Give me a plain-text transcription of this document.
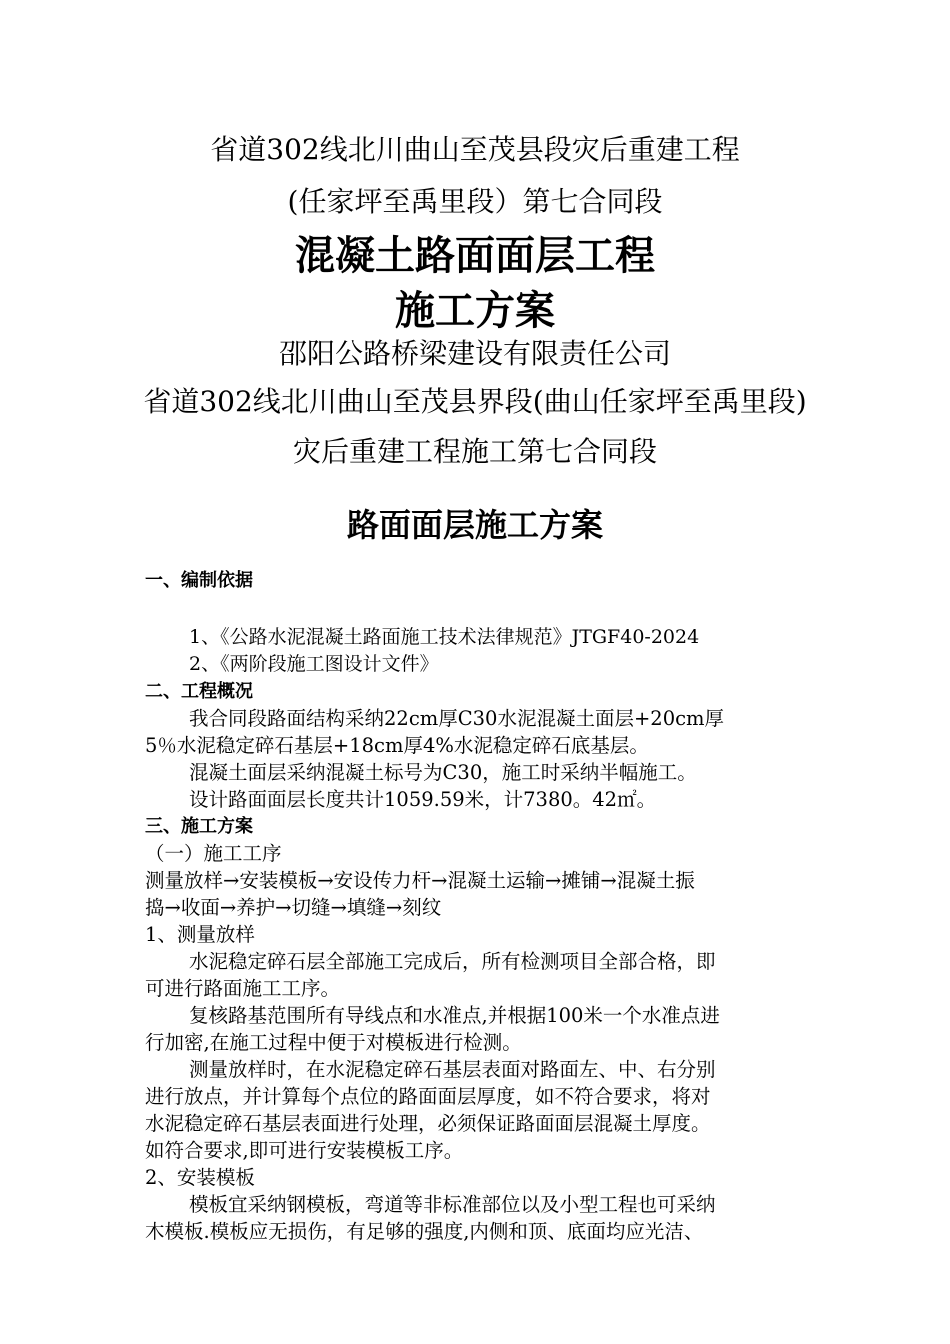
省道302线北川曲山至茂县段灾后重建工程
(任家坪至禹里段）第七合同段
混凝土路面面层工程
施工方案
邵阳公路桥梁建设有限责任公司
省道302线北川曲山至茂县界段(曲山任家坪至禹里段)
灾后重建工程施工第七合同段
路面面层施工方案
一、编制依据
1、《公路水泥混凝土路面施工技术法律规范》JTGF40-2024
2、《两阶段施工图设计文件》
二、工程概况
我合同段路面结构采纳22cm厚C30水泥混凝土面层+20cm厚
5％水泥稳定碎石基层+18cm厚4%水泥稳定碎石底基层。
混凝土面层采纳混凝土标号为C30，施工时采纳半幅施工。
设计路面面层长度共计1059.59米，计7380。42㎡。
三、施工方案
（一）施工工序
测量放样→安装模板→安设传力杆→混凝土运输→摊铺→混凝土振
捣→收面→养护→切缝→填缝→刻纹
1、测量放样
水泥稳定碎石层全部施工完成后，所有检测项目全部合格，即
可进行路面施工工序。
复核路基范围所有导线点和水准点,并根据100米一个水准点进
行加密,在施工过程中便于对模板进行检测。
测量放样时，在水泥稳定碎石基层表面对路面左、中、右分别
进行放点，并计算每个点位的路面面层厚度，如不符合要求，将对
水泥稳定碎石基层表面进行处理，必须保证路面面层混凝土厚度。
如符合要求,即可进行安装模板工序。
2、安装模板
模板宜采纳钢模板，弯道等非标准部位以及小型工程也可采纳
木模板.模板应无损伤，有足够的强度,内侧和顶、底面均应光洁、
